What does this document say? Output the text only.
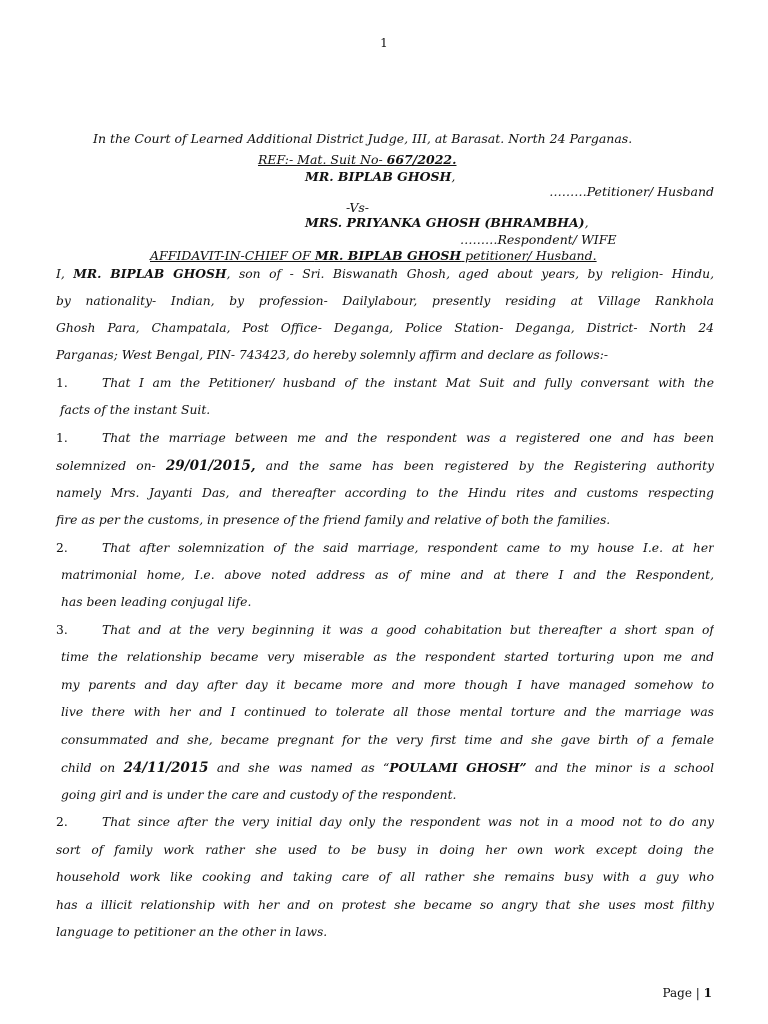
1
In the Court of Learned Additional District Judge, III, at Barasat. North 24 Parganas.
REF:- Mat. Suit No- 667/2022.
MR. BIPLAB GHOSH,
………Petitioner/ Husband
-Vs-
MRS. PRIYANKA GHOSH (BHRAMBHA),
………Respondent/ WIFE
AFFIDAVIT-IN-CHIEF OF MR. BIPLAB GHOSH petitioner/ Husband.
I, MR. BIPLAB GHOSH, son of - Sri. Biswanath Ghosh, aged about years, by religion- Hindu,
by nationality- Indian, by profession- Dailylabour, presently residing at Village Rankhola
Ghosh Para, Champatala, Post Office- Deganga, Police Station- Deganga, District- North 24
Parganas; West Bengal, PIN- 743423, do hereby solemnly affirm and declare as follows:-
1.	That I am the Petitioner/ husband of the instant Mat Suit and fully conversant with the
facts of the instant Suit.
1.	That the marriage between me and the respondent was a registered one and has been
solemnized on- 29/01/2015, and the same has been registered by the Registering authority
namely Mrs. Jayanti Das, and thereafter according to the Hindu rites and customs respecting
fire as per the customs, in presence of the friend family and relative of both the families.
2.	That after solemnization of the said marriage, respondent came to my house I.e. at her
matrimonial home, I.e. above noted address as of mine and at there I and the Respondent,
has been leading conjugal life.
3.	That and at the very beginning it was a good cohabitation but thereafter a short span of
time the relationship became very miserable as the respondent started torturing upon me and
my parents and day after day it became more and more though I have managed somehow to
live there with her and I continued to tolerate all those mental torture and the marriage was
consummated and she, became pregnant for the very first time and she gave birth of a female
child on 24/11/2015 and she was named as “POULAMI GHOSH” and the minor is a school
going girl and is under the care and custody of the respondent.
2.	That since after the very initial day only the respondent was not in a mood not to do any
sort of family work rather she used to be busy in doing her own work except doing the
household work like cooking and taking care of all rather she remains busy with a guy who
has a illicit relationship with her and on protest she became so angry that she uses most filthy
language to petitioner an the other in laws.
Page | 1
